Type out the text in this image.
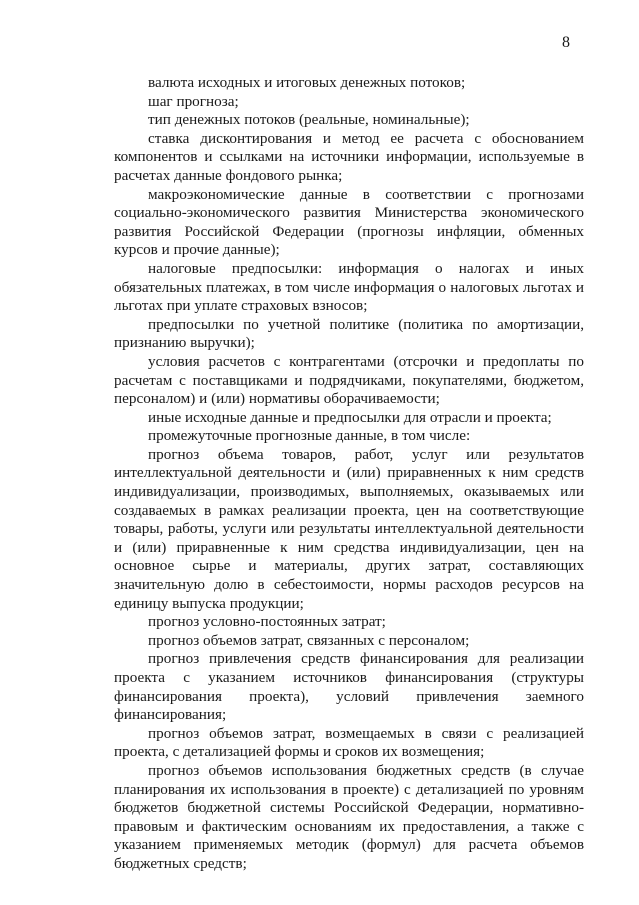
8

валюта исходных и итоговых денежных потоков;

шаг прогноза;

тип денежных потоков (реальные, номинальные);

ставка дисконтирования и метод ее расчета с обоснованием компонентов и ссылками на источники информации, используемые в расчетах данные фондового рынка;

макроэкономические данные в соответствии с прогнозами социально-экономического развития Министерства экономического развития Российской Федерации (прогнозы инфляции, обменных курсов и прочие данные);

налоговые предпосылки: информация о налогах и иных обязательных платежах, в том числе информация о налоговых льготах и льготах при уплате страховых взносов;

предпосылки по учетной политике (политика по амортизации, признанию выручки);

условия расчетов с контрагентами (отсрочки и предоплаты по расчетам с поставщиками и подрядчиками, покупателями, бюджетом, персоналом) и (или) нормативы оборачиваемости;

иные исходные данные и предпосылки для отрасли и проекта;

промежуточные прогнозные данные, в том числе:

прогноз объема товаров, работ, услуг или результатов интеллектуальной деятельности и (или) приравненных к ним средств индивидуализации, производимых, выполняемых, оказываемых или создаваемых в рамках реализации проекта, цен на соответствующие товары, работы, услуги или результаты интеллектуальной деятельности и (или) приравненные к ним средства индивидуализации, цен на основное сырье и материалы, других затрат, составляющих значительную долю в себестоимости, нормы расходов ресурсов на единицу выпуска продукции;

прогноз условно-постоянных затрат;

прогноз объемов затрат, связанных с персоналом;

прогноз привлечения средств финансирования для реализации проекта с указанием источников финансирования (структуры финансирования проекта), условий привлечения заемного финансирования;

прогноз объемов затрат, возмещаемых в связи с реализацией проекта, с детализацией формы и сроков их возмещения;

прогноз объемов использования бюджетных средств (в случае планирования их использования в проекте) с детализацией по уровням бюджетов бюджетной системы Российской Федерации, нормативно-правовым и фактическим основаниям их предоставления, а также с указанием применяемых методик (формул) для расчета объемов бюджетных средств;
